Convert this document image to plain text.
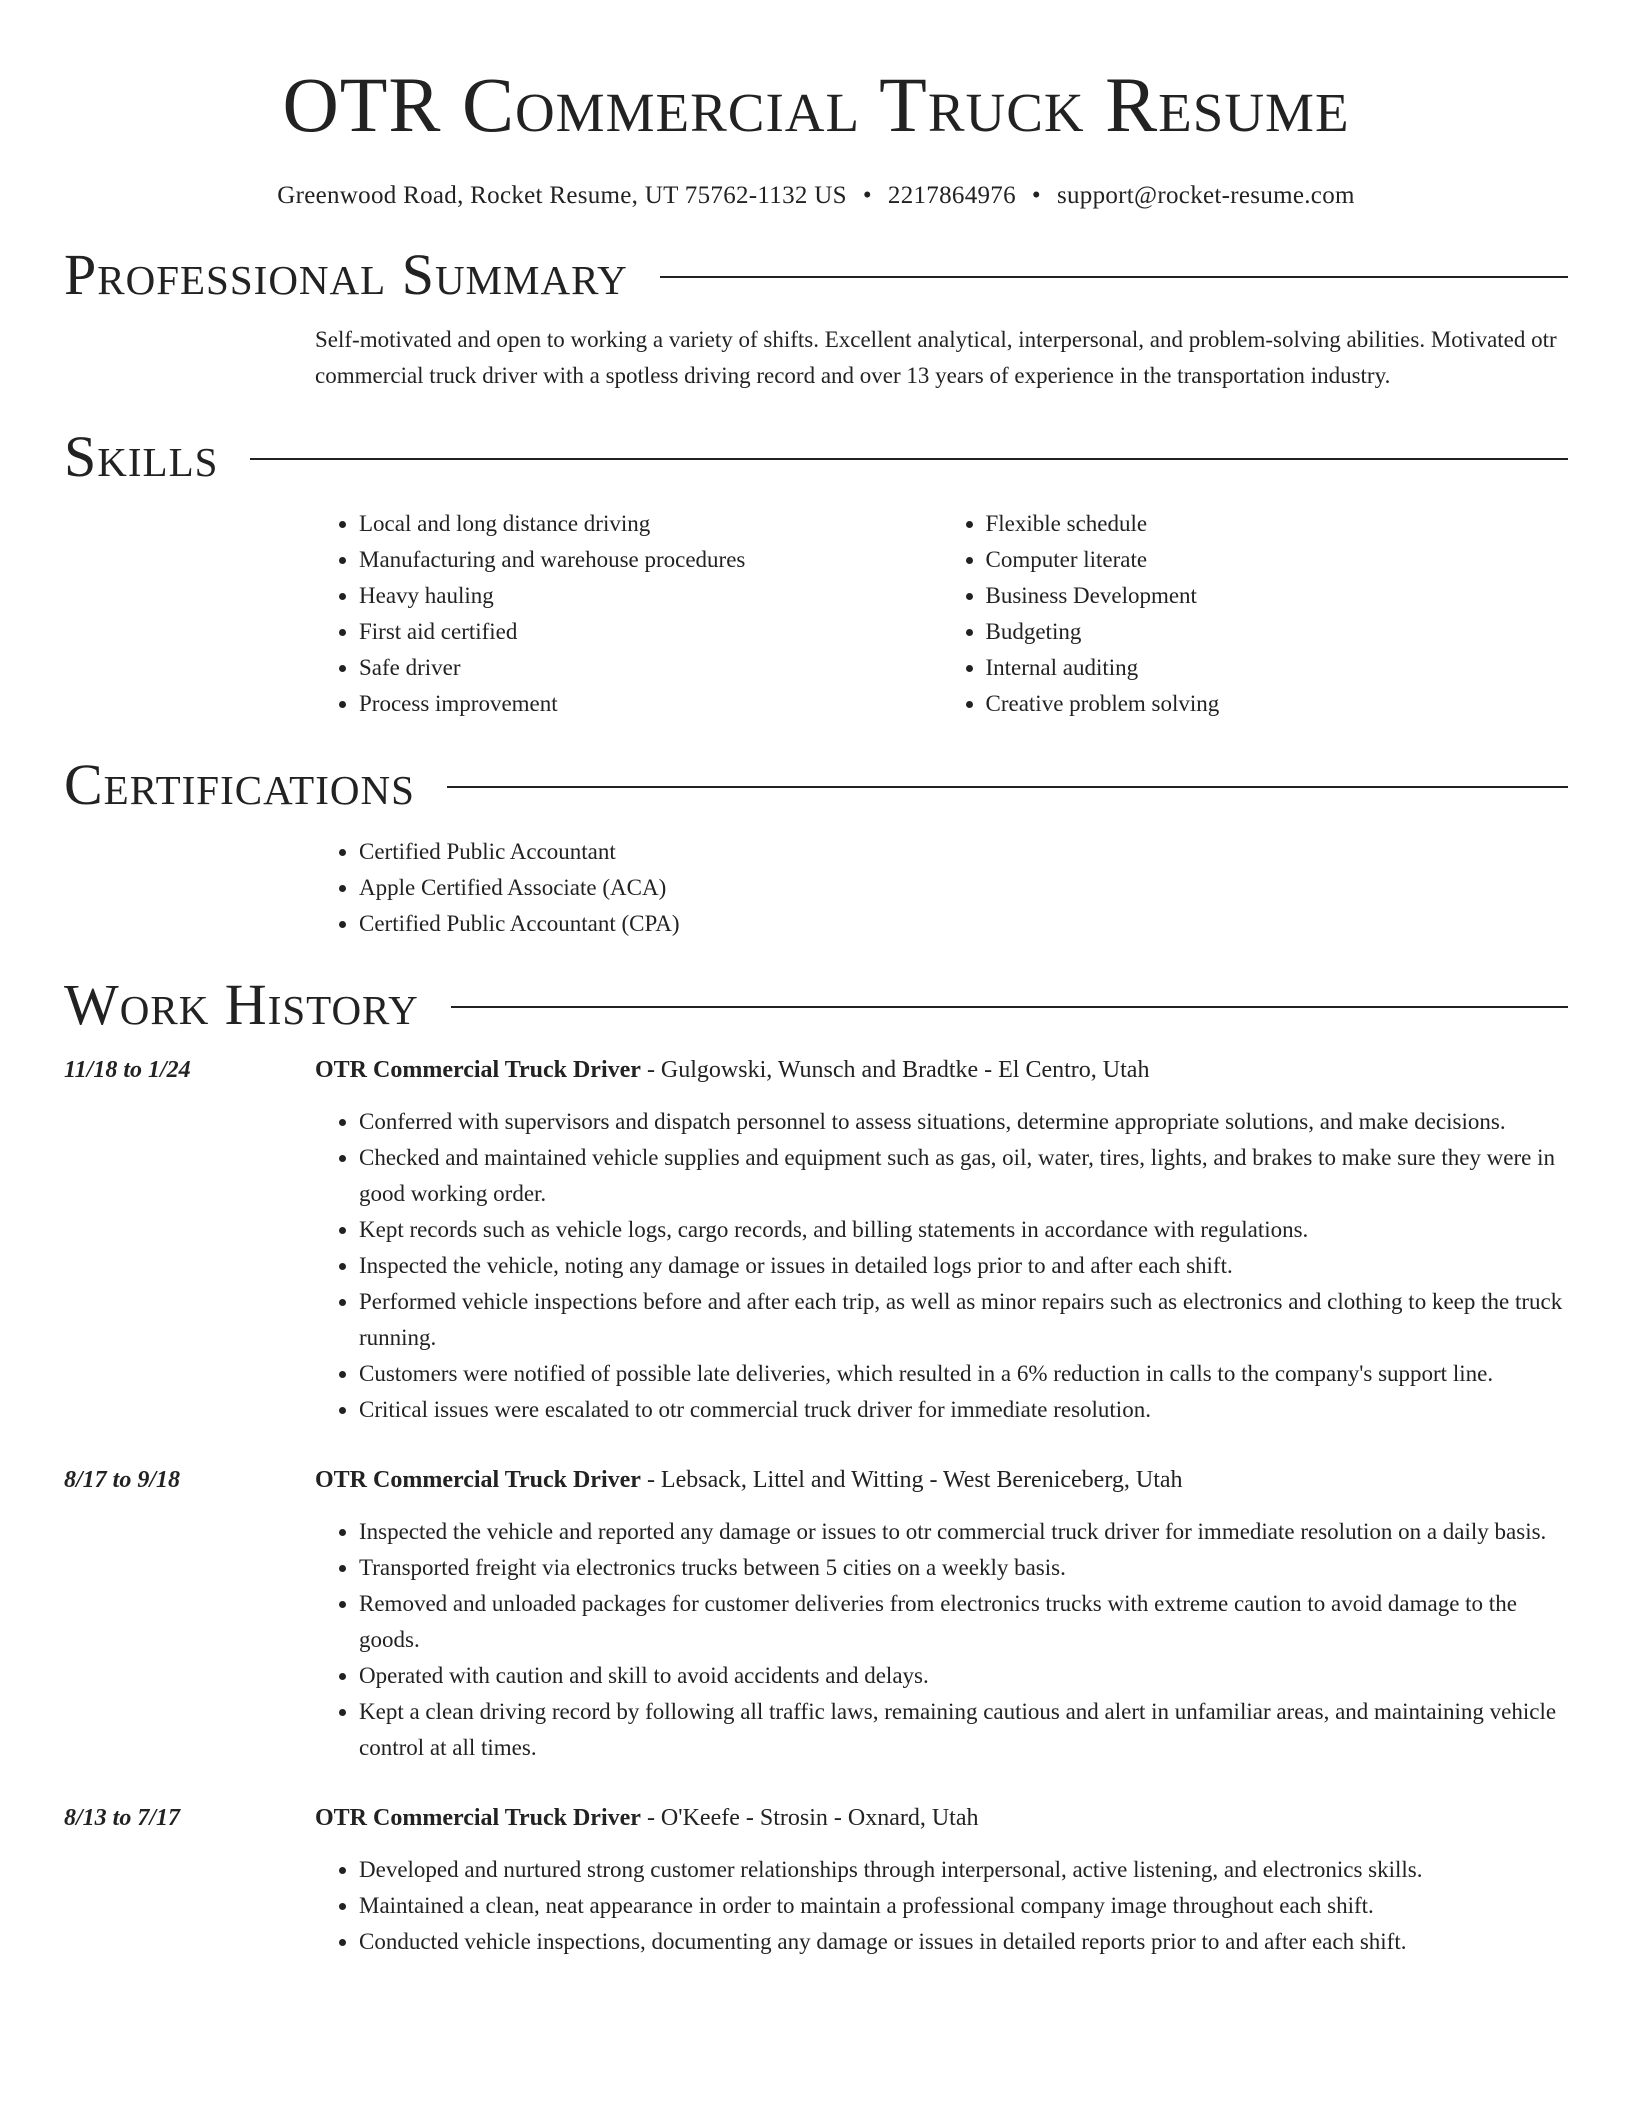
OTR Commercial Truck Resume
Greenwood Road, Rocket Resume, UT 75762-1132 US • 2217864976 • support@rocket-resume.com
Professional Summary

Self-motivated and open to working a variety of shifts. Excellent analytical, interpersonal, and problem-solving abilities. Motivated otr commercial truck driver with a spotless driving record and over 13 years of experience in the transportation industry.

Skills
• Local and long distance driving
• Manufacturing and warehouse procedures
• Heavy hauling
• First aid certified
• Safe driver
• Process improvement
• Flexible schedule
• Computer literate
• Business Development
• Budgeting
• Internal auditing
• Creative problem solving
Certifications
• Certified Public Accountant
• Apple Certified Associate (ACA)
• Certified Public Accountant (CPA)
Work History
11/18 to 1/24	OTR Commercial Truck Driver - Gulgowski, Wunsch and Bradtke - El Centro, Utah
• Conferred with supervisors and dispatch personnel to assess situations, determine appropriate solutions, and make decisions.
• Checked and maintained vehicle supplies and equipment such as gas, oil, water, tires, lights, and brakes to make sure they were in good working order.
• Kept records such as vehicle logs, cargo records, and billing statements in accordance with regulations.
• Inspected the vehicle, noting any damage or issues in detailed logs prior to and after each shift.
• Performed vehicle inspections before and after each trip, as well as minor repairs such as electronics and clothing to keep the truck running.
• Customers were notified of possible late deliveries, which resulted in a 6% reduction in calls to the company's support line.
• Critical issues were escalated to otr commercial truck driver for immediate resolution.
8/17 to 9/18	OTR Commercial Truck Driver - Lebsack, Littel and Witting - West Bereniceberg, Utah
• Inspected the vehicle and reported any damage or issues to otr commercial truck driver for immediate resolution on a daily basis.
• Transported freight via electronics trucks between 5 cities on a weekly basis.
• Removed and unloaded packages for customer deliveries from electronics trucks with extreme caution to avoid damage to the goods.
• Operated with caution and skill to avoid accidents and delays.
• Kept a clean driving record by following all traffic laws, remaining cautious and alert in unfamiliar areas, and maintaining vehicle control at all times.
8/13 to 7/17	OTR Commercial Truck Driver - O'Keefe - Strosin - Oxnard, Utah
• Developed and nurtured strong customer relationships through interpersonal, active listening, and electronics skills.
• Maintained a clean, neat appearance in order to maintain a professional company image throughout each shift.
• Conducted vehicle inspections, documenting any damage or issues in detailed reports prior to and after each shift.
